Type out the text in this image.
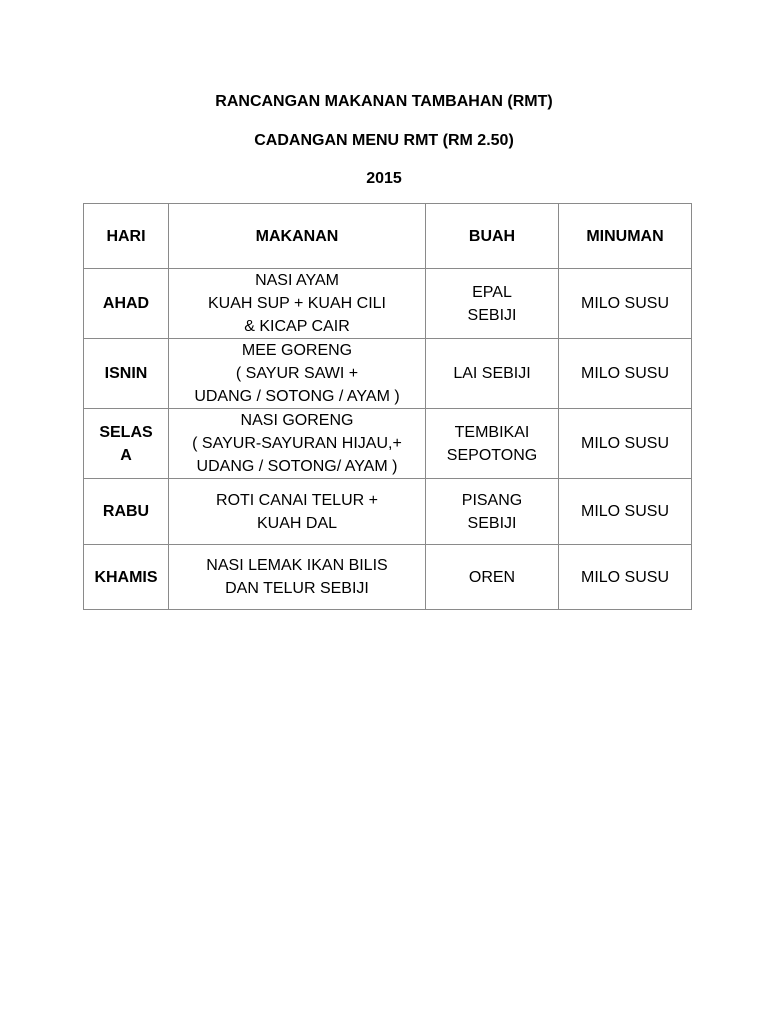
RANCANGAN MAKANAN TAMBAHAN (RMT)
CADANGAN MENU RMT (RM 2.50)
2015
HARI	MAKANAN	BUAH	MINUMAN

AHAD	NASI AYAM
KUAH SUP + KUAH CILI
& KICAP CAIR	EPAL
SEBIJI	MILO SUSU

ISNIN	MEE GORENG
( SAYUR SAWI +
UDANG / SOTONG / AYAM )	LAI SEBIJI	MILO SUSU

SELAS
A	NASI GORENG
( SAYUR-SAYURAN HIJAU,+
UDANG / SOTONG/ AYAM )	TEMBIKAI
SEPOTONG	MILO SUSU

RABU	ROTI CANAI TELUR +
KUAH DAL	PISANG
SEBIJI	MILO SUSU

KHAMIS	NASI LEMAK IKAN BILIS
DAN TELUR SEBIJI	OREN	MILO SUSU
